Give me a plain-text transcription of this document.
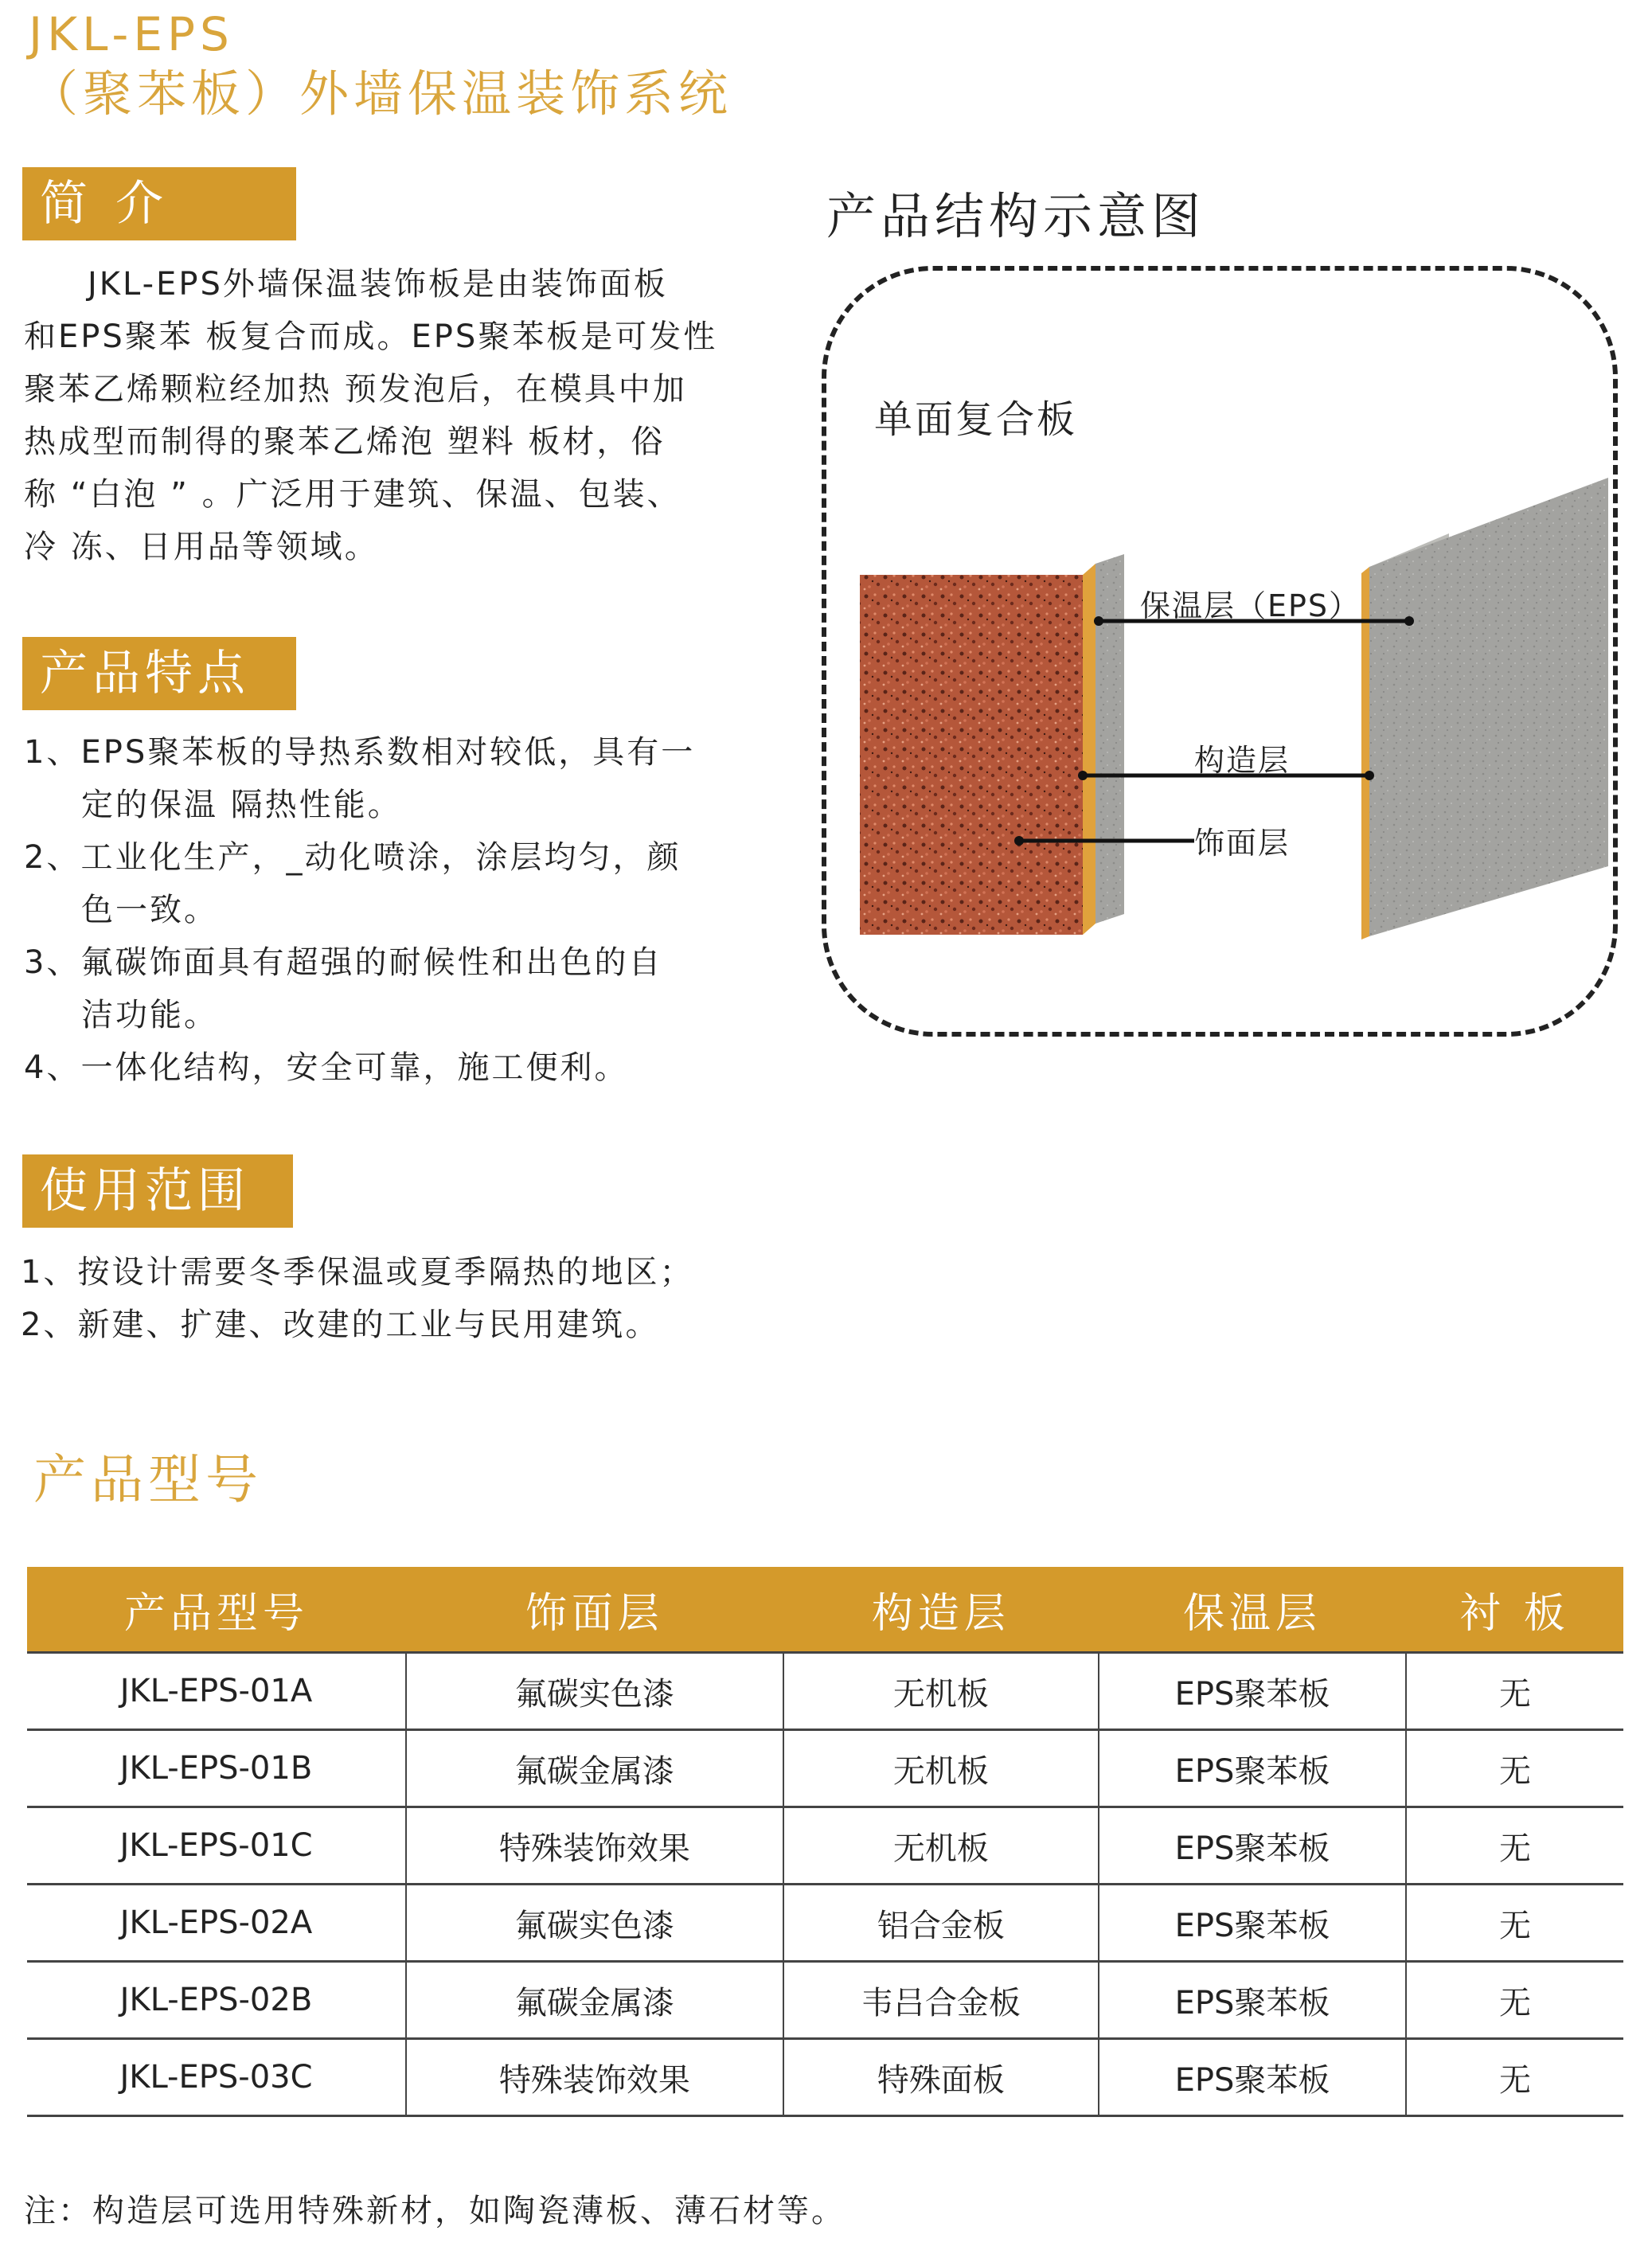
JKL-EPS
（聚苯板）外墙保温装饰系统
简 介
JKL-EPS外墙保温装饰板是由装饰面板
和EPS聚苯 板复合而成。EPS聚苯板是可发性
聚苯乙烯颗粒经加热 预发泡后，在模具中加
热成型而制得的聚苯乙烯泡 塑料 板材，俗
称 “白泡 ” 。广泛用于建筑、保温、包装、
冷 冻、日用品等领域。
产品特点
1、EPS聚苯板的导热系数相对较低，具有一
定的保温 隔热性能。
2、工业化生产，_动化喷涂，涂层均匀，颜
色一致。
3、氟碳饰面具有超强的耐候性和出色的自
洁功能。
4、一体化结构，安全可靠，施工便利。
使用范围
1、按设计需要冬季保温或夏季隔热的地区；
2、新建、扩建、改建的工业与民用建筑。
产品结构示意图
单面复合板
保温层（EPS）
构造层
饰面层
产品型号
产品型号	饰面层	构造层	保温层	衬 板
JKL-EPS-01A	氟碳实色漆	无机板	EPS聚苯板	无
JKL-EPS-01B	氟碳金属漆	无机板	EPS聚苯板	无
JKL-EPS-01C	特殊装饰效果	无机板	EPS聚苯板	无
JKL-EPS-02A	氟碳实色漆	铝合金板	EPS聚苯板	无
JKL-EPS-02B	氟碳金属漆	韦吕合金板	EPS聚苯板	无
JKL-EPS-03C	特殊装饰效果	特殊面板	EPS聚苯板	无
注：构造层可选用特殊新材，如陶瓷薄板、薄石材等。
